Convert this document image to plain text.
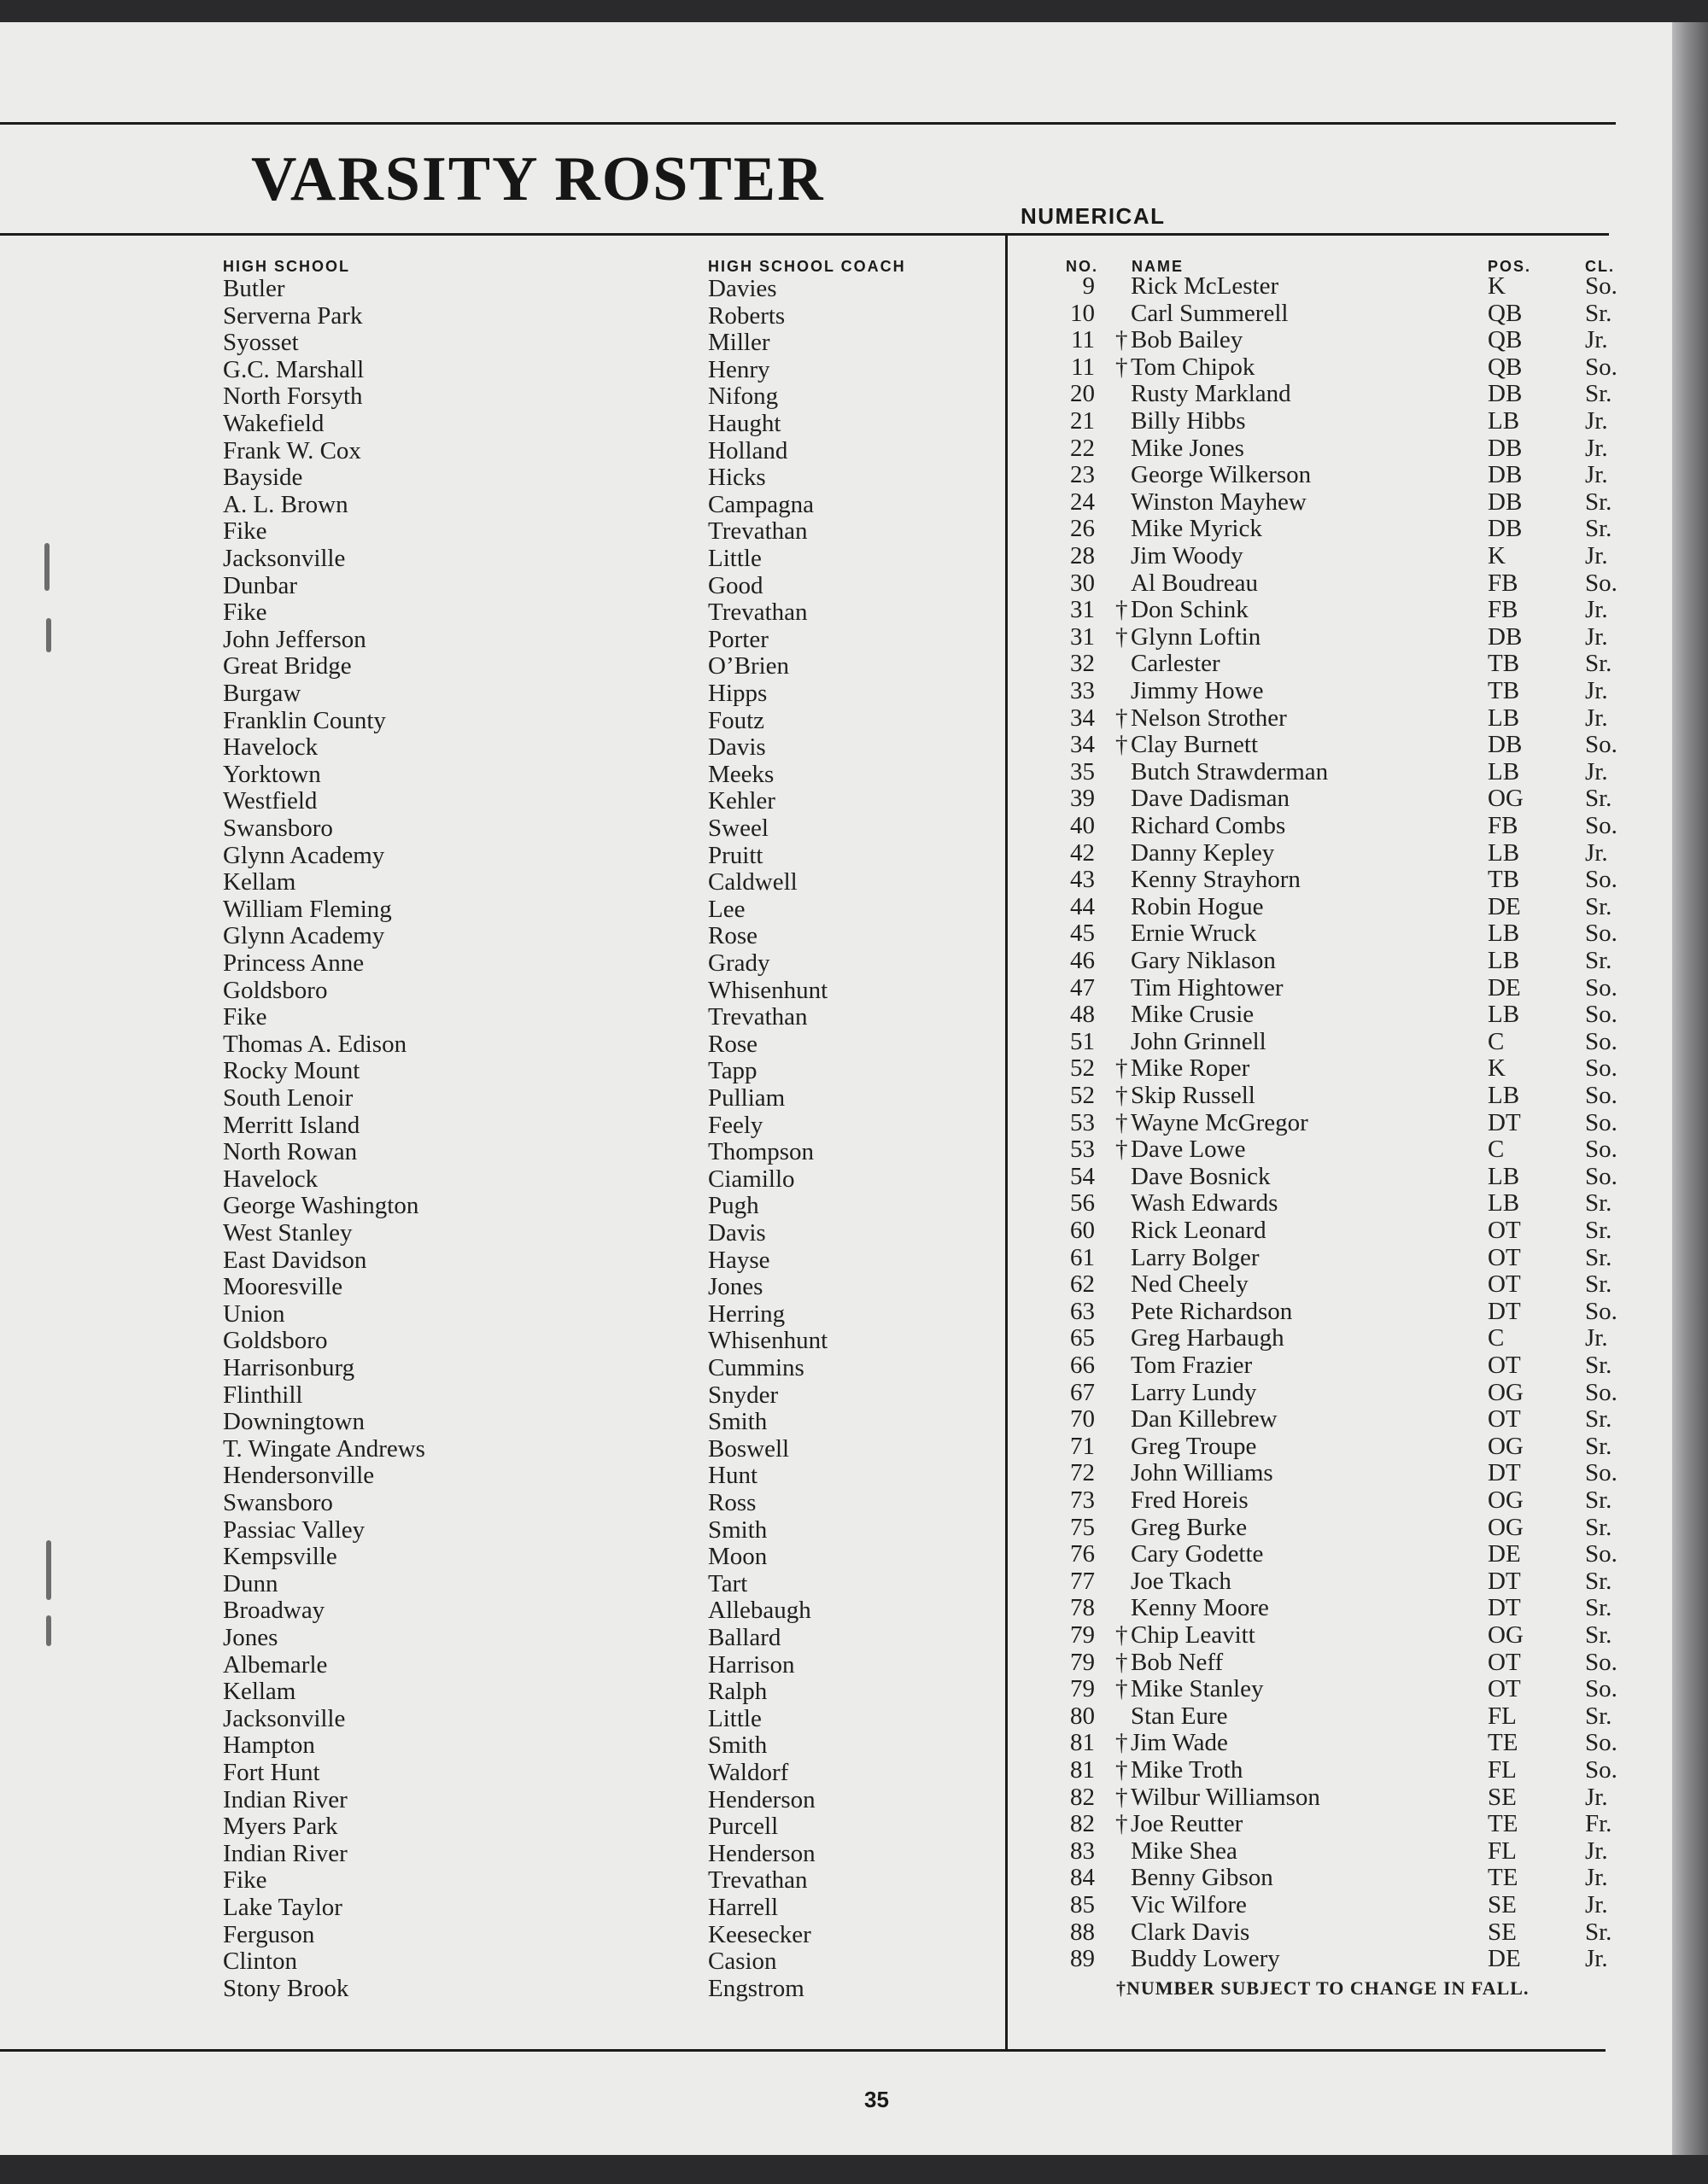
VARSITY ROSTER
NUMERICAL
HIGH SCHOOL	HIGH SCHOOL COACH	NO. NAME	POS.	CL.
Butler	Davies
Serverna Park	Roberts
Syosset	Miller
G.C. Marshall	Henry
North Forsyth	Nifong
Wakefield	Haught
Frank W. Cox	Holland
Bayside	Hicks
A. L. Brown	Campagna
Fike	Trevathan
Jacksonville	Little
Dunbar	Good
Fike	Trevathan
John Jefferson	Porter
Great Bridge	O’Brien
Burgaw	Hipps
Franklin County	Foutz
Havelock	Davis
Yorktown	Meeks
Westfield	Kehler
Swansboro	Sweel
Glynn Academy	Pruitt
Kellam	Caldwell
William Fleming	Lee
Glynn Academy	Rose
Princess Anne	Grady
Goldsboro	Whisenhunt
Fike	Trevathan
Thomas A. Edison	Rose
Rocky Mount	Tapp
South Lenoir	Pulliam
Merritt Island	Feely
North Rowan	Thompson
Havelock	Ciamillo
George Washington	Pugh
West Stanley	Davis
East Davidson	Hayse
Mooresville	Jones
Union	Herring
Goldsboro	Whisenhunt
Harrisonburg	Cummins
Flinthill	Snyder
Downingtown	Smith
T. Wingate Andrews	Boswell
Hendersonville	Hunt
Swansboro	Ross
Passiac Valley	Smith
Kempsville	Moon
Dunn	Tart
Broadway	Allebaugh
Jones	Ballard
Albemarle	Harrison
Kellam	Ralph
Jacksonville	Little
Hampton	Smith
Fort Hunt	Waldorf
Indian River	Henderson
Myers Park	Purcell
Indian River	Henderson
Fike	Trevathan
Lake Taylor	Harrell
Ferguson	Keesecker
Clinton	Casion
Stony Brook	Engstrom
9 Rick McLester	K	So.
10 Carl Summerell	QB	Sr.
11 † Bob Bailey	QB	Jr.
11 † Tom Chipok	QB	So.
20 Rusty Markland	DB	Sr.
21 Billy Hibbs	LB	Jr.
22 Mike Jones	DB	Jr.
23 George Wilkerson	DB	Jr.
24 Winston Mayhew	DB	Sr.
26 Mike Myrick	DB	Sr.
28 Jim Woody	K	Jr.
30 Al Boudreau	FB	So.
31 † Don Schink	FB	Jr.
31 † Glynn Loftin	DB	Jr.
32 Carlester	TB	Sr.
33 Jimmy Howe	TB	Jr.
34 † Nelson Strother	LB	Jr.
34 † Clay Burnett	DB	So.
35 Butch Strawderman	LB	Jr.
39 Dave Dadisman	OG Sr.
40 Richard Combs	FB	So.
42 Danny Kepley	LB	Jr.
43 Kenny Strayhorn	TB	So.
44 Robin Hogue	DE	Sr.
45 Ernie Wruck	LB	So.
46 Gary Niklason	LB	Sr.
47 Tim Hightower	DE	So.
48 Mike Crusie	LB	So.
51 John Grinnell	C	So.
52 † Mike Roper	K	So.
52 † Skip Russell	LB	So.
53 † Wayne McGregor	DT	So.
53 † Dave Lowe	C	So.
54 Dave Bosnick	LB	So.
56 Wash Edwards	LB	Sr.
60 Rick Leonard	OT	Sr.
61 Larry Bolger	OT	Sr.
62 Ned Cheely	OT	Sr.
63 Pete Richardson	DT	So.
65 Greg Harbaugh	C	Jr.
66 Tom Frazier	OT	Sr.
67 Larry Lundy	OG So.
70 Dan Killebrew	OT	Sr.
71 Greg Troupe	OG Sr.
72 John Williams	DT	So.
73 Fred Horeis	OG Sr.
75 Greg Burke	OG Sr.
76 Cary Godette	DE	So.
77 Joe Tkach	DT	Sr.
78 Kenny Moore	DT	Sr.
79 † Chip Leavitt	OG Sr.
79 † Bob Neff	OT	So.
79 † Mike Stanley	OT	So.
80 Stan Eure	FL	Sr.
81 † Jim Wade	TE	So.
81 † Mike Troth	FL	So.
82 † Wilbur Williamson	SE	Jr.
82 † Joe Reutter	TE	Fr.
83 Mike Shea	FL	Jr.
84 Benny Gibson	TE	Jr.
85 Vic Wilfore	SE	Jr.
88 Clark Davis	SE	Sr.
89 Buddy Lowery	DE	Jr.
†NUMBER SUBJECT TO CHANGE IN FALL.
35
